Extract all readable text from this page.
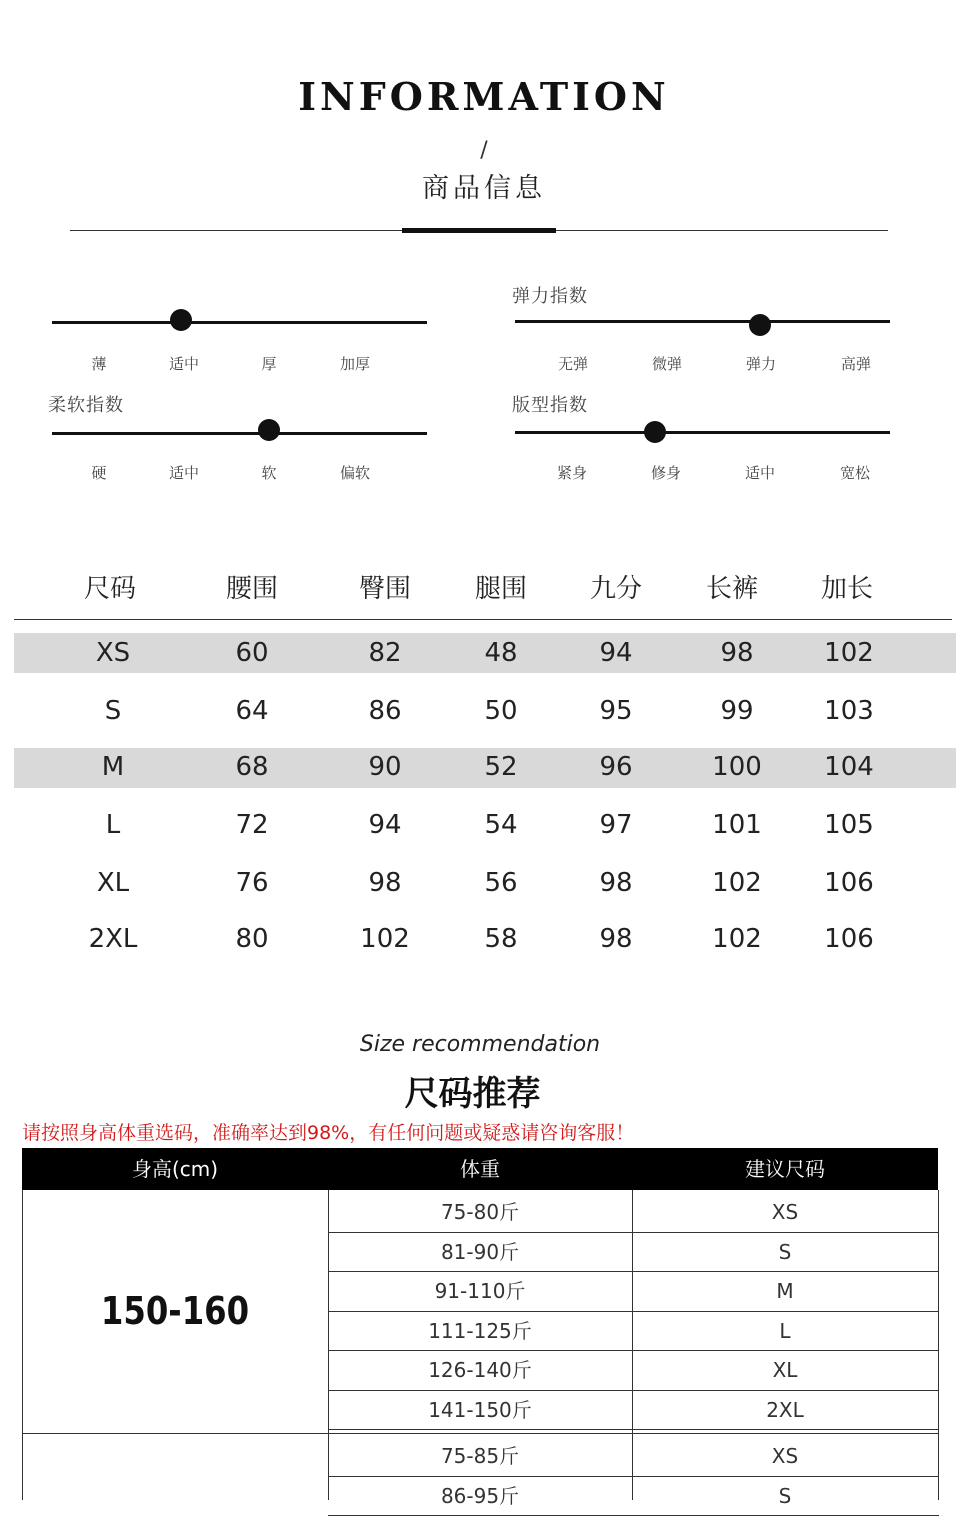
INFORMATION
/
商品信息
薄	适中	厚	加厚
弹力指数
无弹	微弹	弹力	高弹
柔软指数
硬	适中	软	偏软
版型指数
紧身	修身	适中	宽松
尺码	腰围	臀围	腿围	九分	长裤	加长
XS	60	82	48	94	98	102
S	64	86	50	95	99	103
M	68	90	52	96	100	104
L	72	94	54	97	101	105
XL	76	98	56	98	102	106
2XL	80	102	58	98	102	106
Size recommendation
尺码推荐
请按照身高体重选码，准确率达到98%，有任何问题或疑惑请咨询客服！
身高(cm)	体重	建议尺码
150-160
75-80斤	XS
81-90斤	S
91-110斤	M
111-125斤	L
126-140斤	XL
141-150斤	2XL
75-85斤	XS
86-95斤	S
